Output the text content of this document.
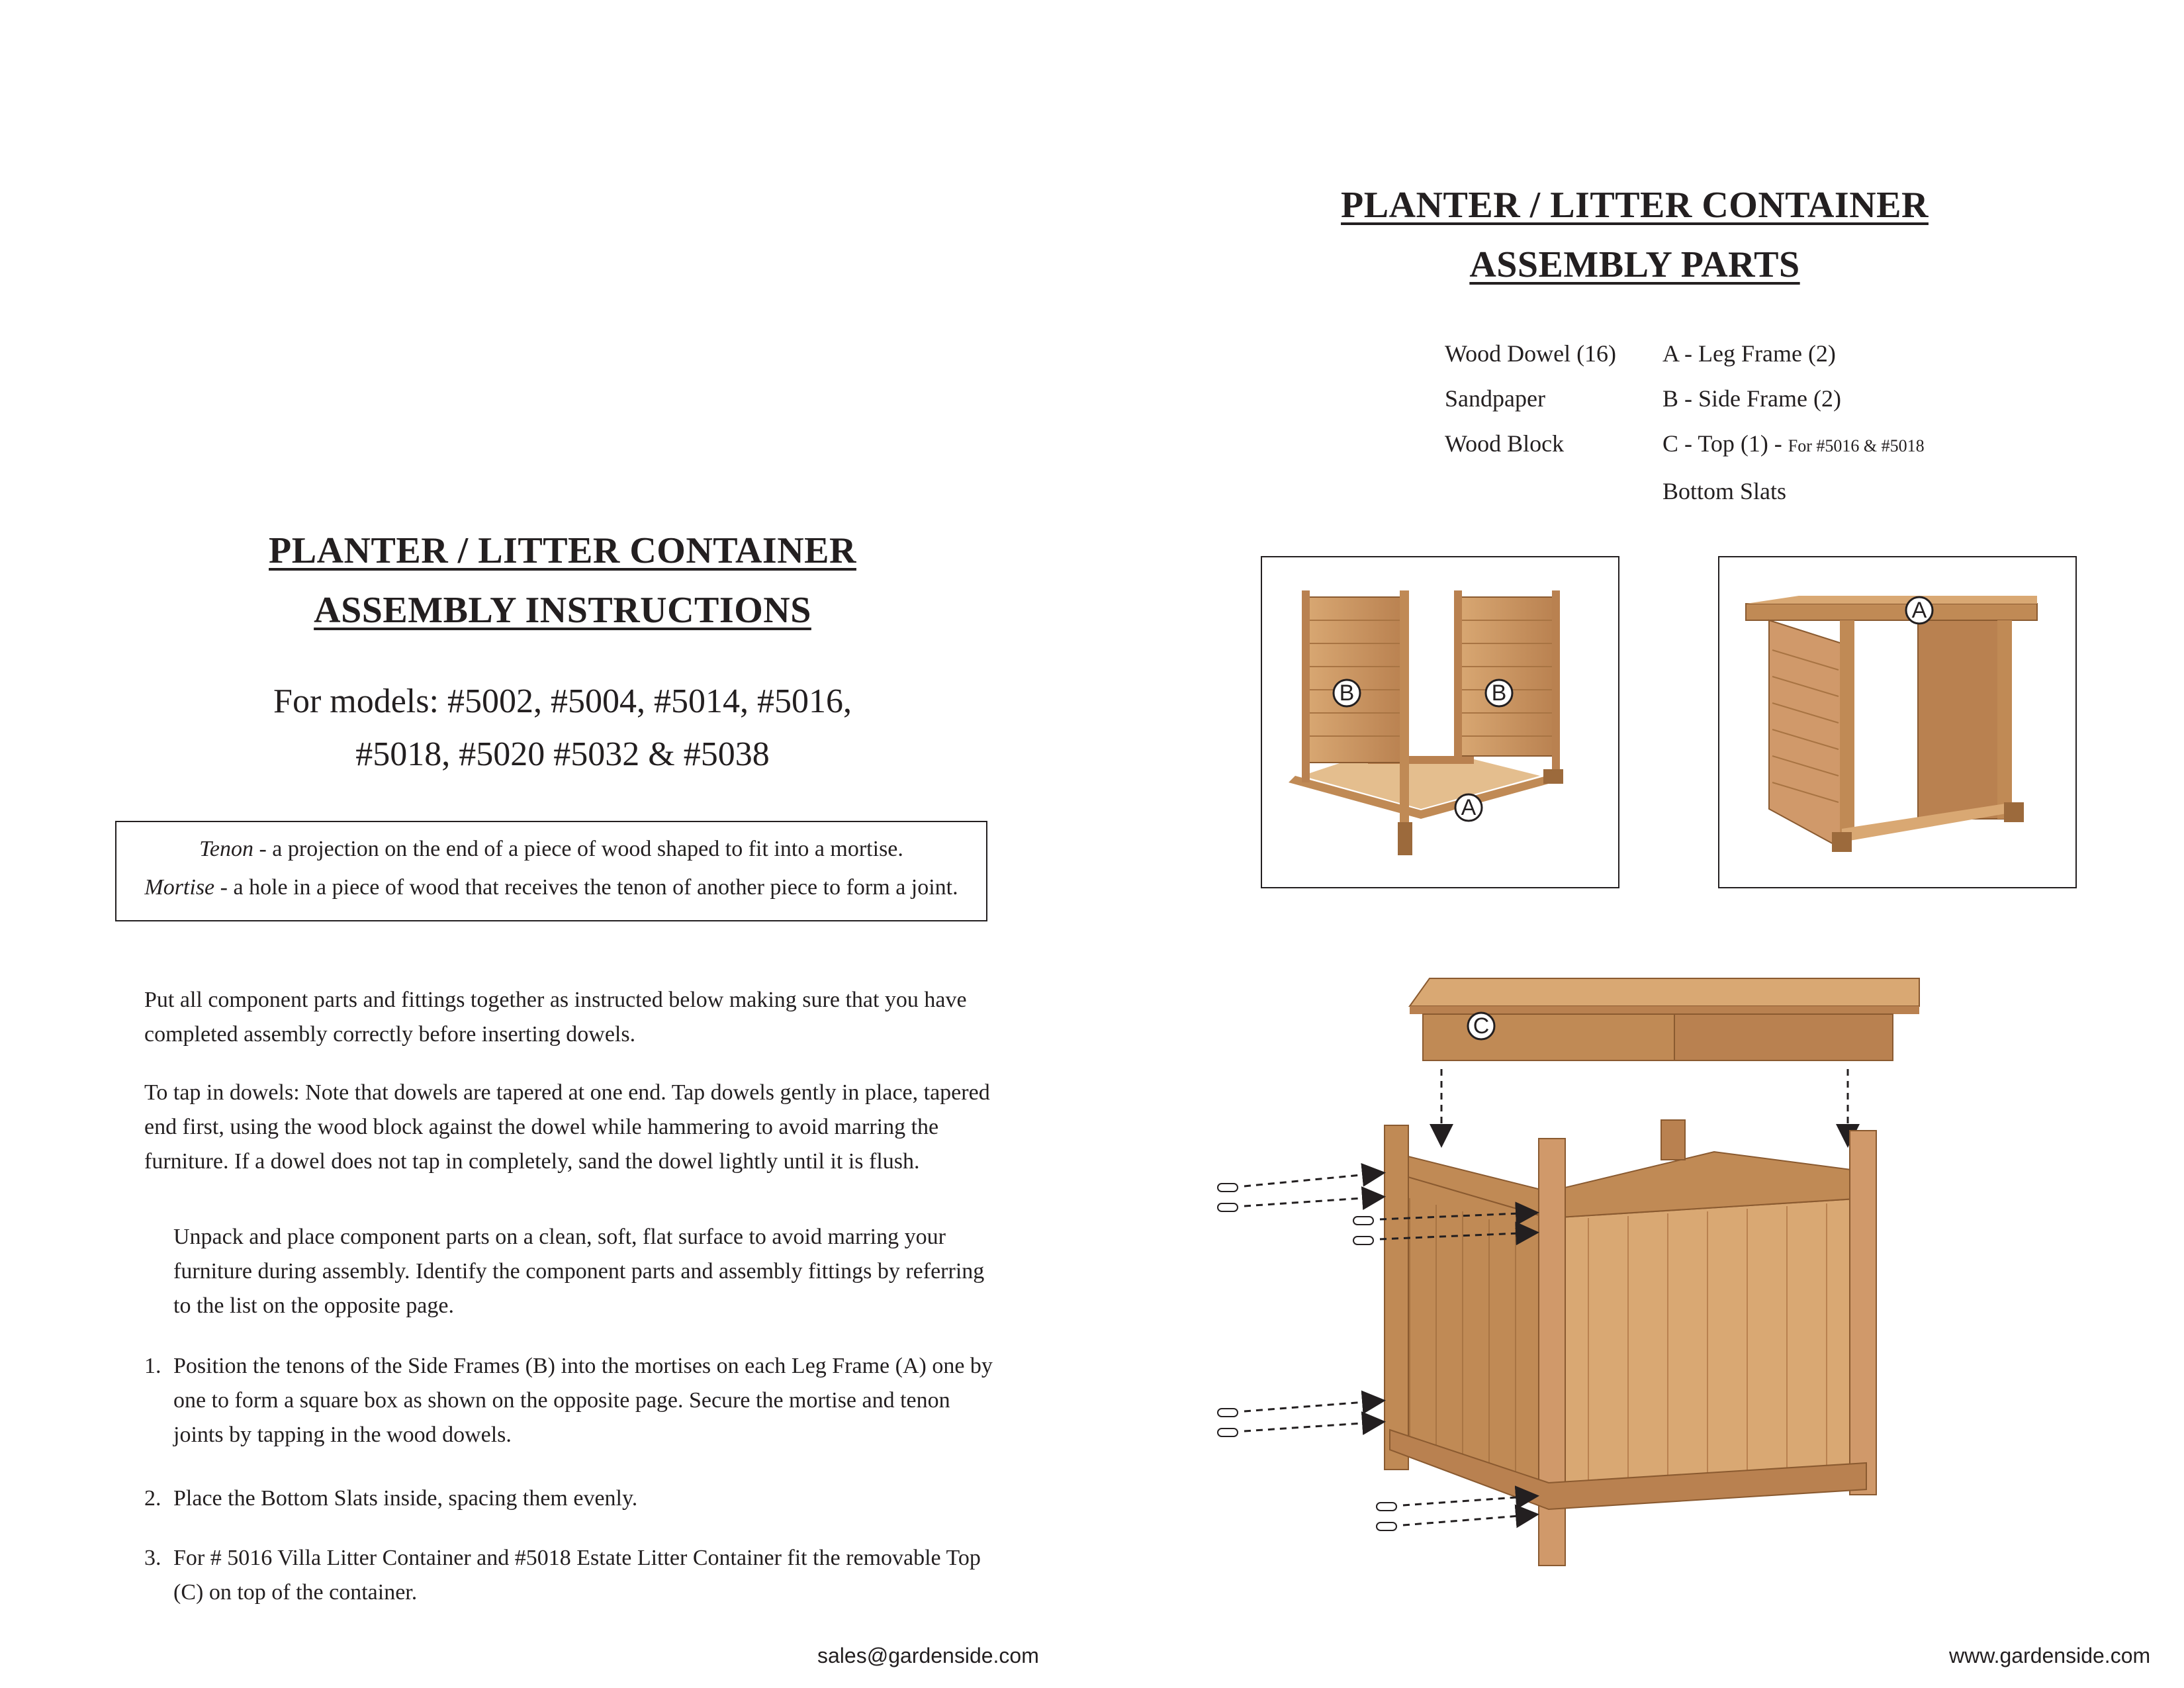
PLANTER / LITTER CONTAINER
ASSEMBLY INSTRUCTIONS
For models: #5002, #5004, #5014, #5016,
#5018, #5020 #5032 & #5038
Tenon - a projection on the end of a piece of wood shaped to fit into a mortise.
Mortise - a hole in a piece of wood that receives the tenon of another piece to form a joint.
Put all component parts and fittings together as instructed below making sure that you have completed assembly correctly before inserting dowels.
To tap in dowels: Note that dowels are tapered at one end. Tap dowels gently in place, tapered end first, using the wood block against the dowel while hammering to avoid marring the furniture. If a dowel does not tap in completely, sand the dowel lightly until it is flush.
Unpack and place component parts on a clean, soft, flat surface to avoid marring your furniture during assembly. Identify the component parts and assembly fittings by referring to the list on the opposite page.
1. Position the tenons of the Side Frames (B) into the mortises on each Leg Frame (A) one by one to form a square box as shown on the opposite page. Secure the mortise and tenon joints by tapping in the wood dowels.
2. Place the Bottom Slats inside, spacing them evenly.
3. For # 5016 Villa Litter Container and #5018 Estate Litter Container fit the removable Top (C) on top of the container.
sales@gardenside.com
PLANTER / LITTER CONTAINER
ASSEMBLY PARTS
Wood Dowel (16)
Sandpaper
Wood Block
A - Leg Frame (2)
B - Side Frame (2)
C - Top (1) - For #5016 & #5018
Bottom Slats
B	B
A
A
C
www.gardenside.com
